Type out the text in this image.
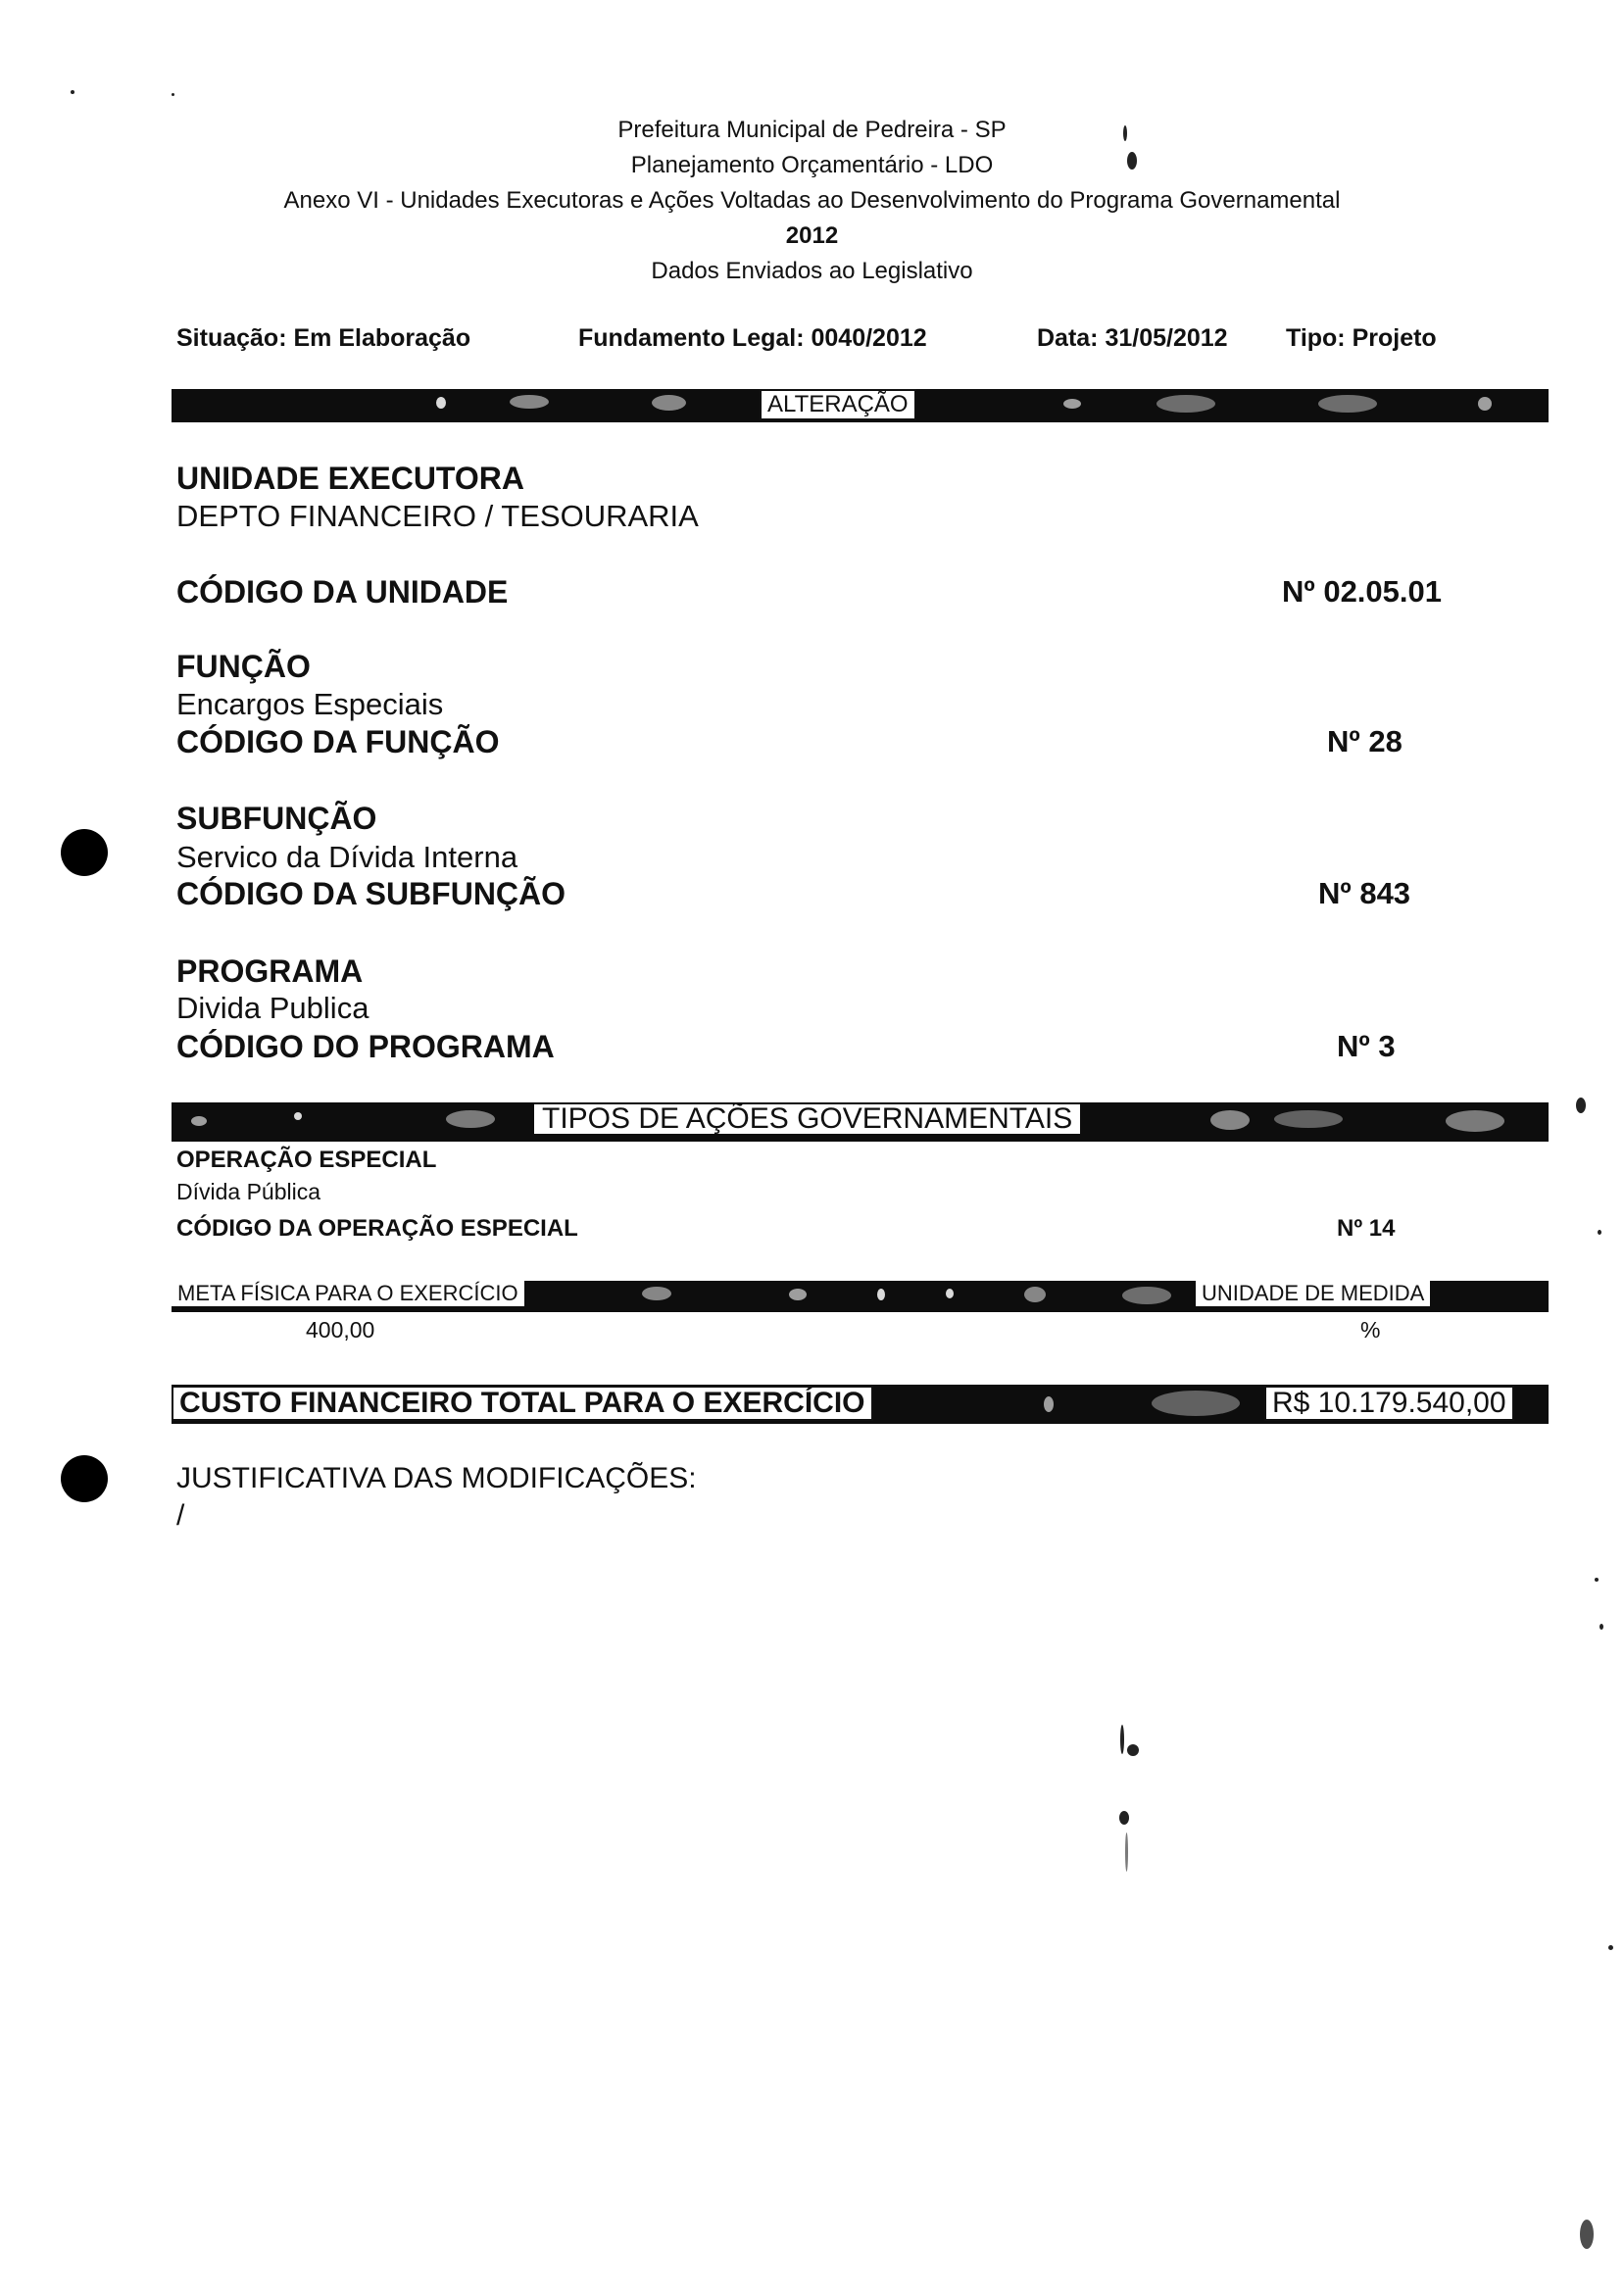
Prefeitura Municipal de Pedreira - SP
Planejamento Orçamentário - LDO
Anexo VI - Unidades Executoras e Ações Voltadas ao Desenvolvimento do Programa Governamental
2012
Dados Enviados ao Legislativo
Situação: Em Elaboração	Fundamento Legal: 0040/2012	Data: 31/05/2012 Tipo: Projeto
ALTERAÇÃO
UNIDADE EXECUTORA
DEPTO FINANCEIRO / TESOURARIA
CÓDIGO DA UNIDADE	Nº 02.05.01
FUNÇÃO
Encargos Especiais
CÓDIGO DA FUNÇÃO	Nº 28
SUBFUNÇÃO
Servico da Dívida Interna
CÓDIGO DA SUBFUNÇÃO	Nº 843
PROGRAMA
Divida Publica
CÓDIGO DO PROGRAMA	Nº 3
TIPOS DE AÇÕES GOVERNAMENTAIS
OPERAÇÃO ESPECIAL
Dívida Pública
CÓDIGO DA OPERAÇÃO ESPECIAL	Nº 14
META FÍSICA PARA O EXERCÍCIO	UNIDADE DE MEDIDA
400,00	%
CUSTO FINANCEIRO TOTAL PARA O EXERCÍCIO	R$ 10.179.540,00
JUSTIFICATIVA DAS MODIFICAÇÕES:
/
